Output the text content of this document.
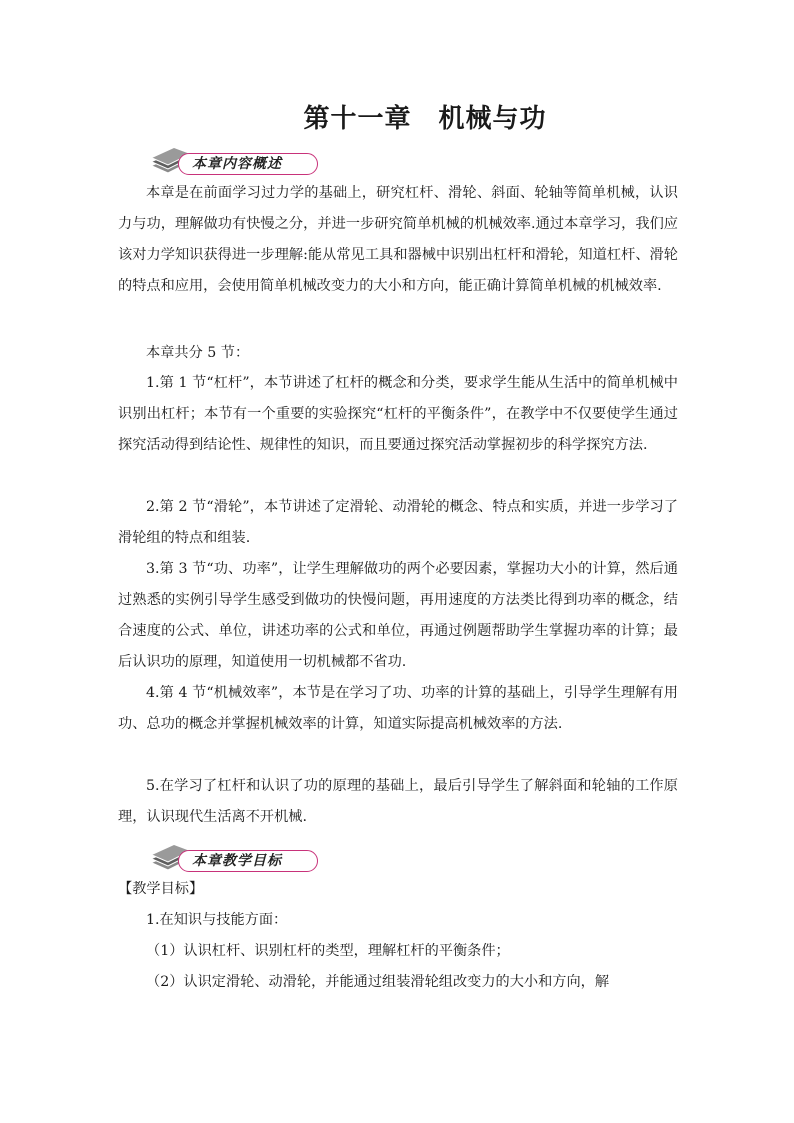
第十一章　机械与功
本章内容概述

本章是在前面学习过力学的基础上，研究杠杆、滑轮、斜面、轮轴等简单机械，认识力与功，理解做功有快慢之分，并进一步研究简单机械的机械效率.通过本章学习，我们应该对力学知识获得进一步理解:能从常见工具和器械中识别出杠杆和滑轮，知道杠杆、滑轮的特点和应用，会使用简单机械改变力的大小和方向，能正确计算简单机械的机械效率.

本章共分 5 节：

1.第 1 节“杠杆”，本节讲述了杠杆的概念和分类，要求学生能从生活中的简单机械中识别出杠杆；本节有一个重要的实验探究“杠杆的平衡条件”，在教学中不仅要使学生通过探究活动得到结论性、规律性的知识，而且要通过探究活动掌握初步的科学探究方法.

2.第 2 节“滑轮”，本节讲述了定滑轮、动滑轮的概念、特点和实质，并进一步学习了滑轮组的特点和组装.

3.第 3 节“功、功率”，让学生理解做功的两个必要因素，掌握功大小的计算，然后通过熟悉的实例引导学生感受到做功的快慢问题，再用速度的方法类比得到功率的概念，结合速度的公式、单位，讲述功率的公式和单位，再通过例题帮助学生掌握功率的计算；最后认识功的原理，知道使用一切机械都不省功.

4.第 4 节“机械效率”，本节是在学习了功、功率的计算的基础上，引导学生理解有用功、总功的概念并掌握机械效率的计算，知道实际提高机械效率的方法.

5.在学习了杠杆和认识了功的原理的基础上，最后引导学生了解斜面和轮轴的工作原理，认识现代生活离不开机械.

本章教学目标

【教学目标】

1.在知识与技能方面：

（1）认识杠杆、识别杠杆的类型，理解杠杆的平衡条件；

（2）认识定滑轮、动滑轮，并能通过组装滑轮组改变力的大小和方向，解
